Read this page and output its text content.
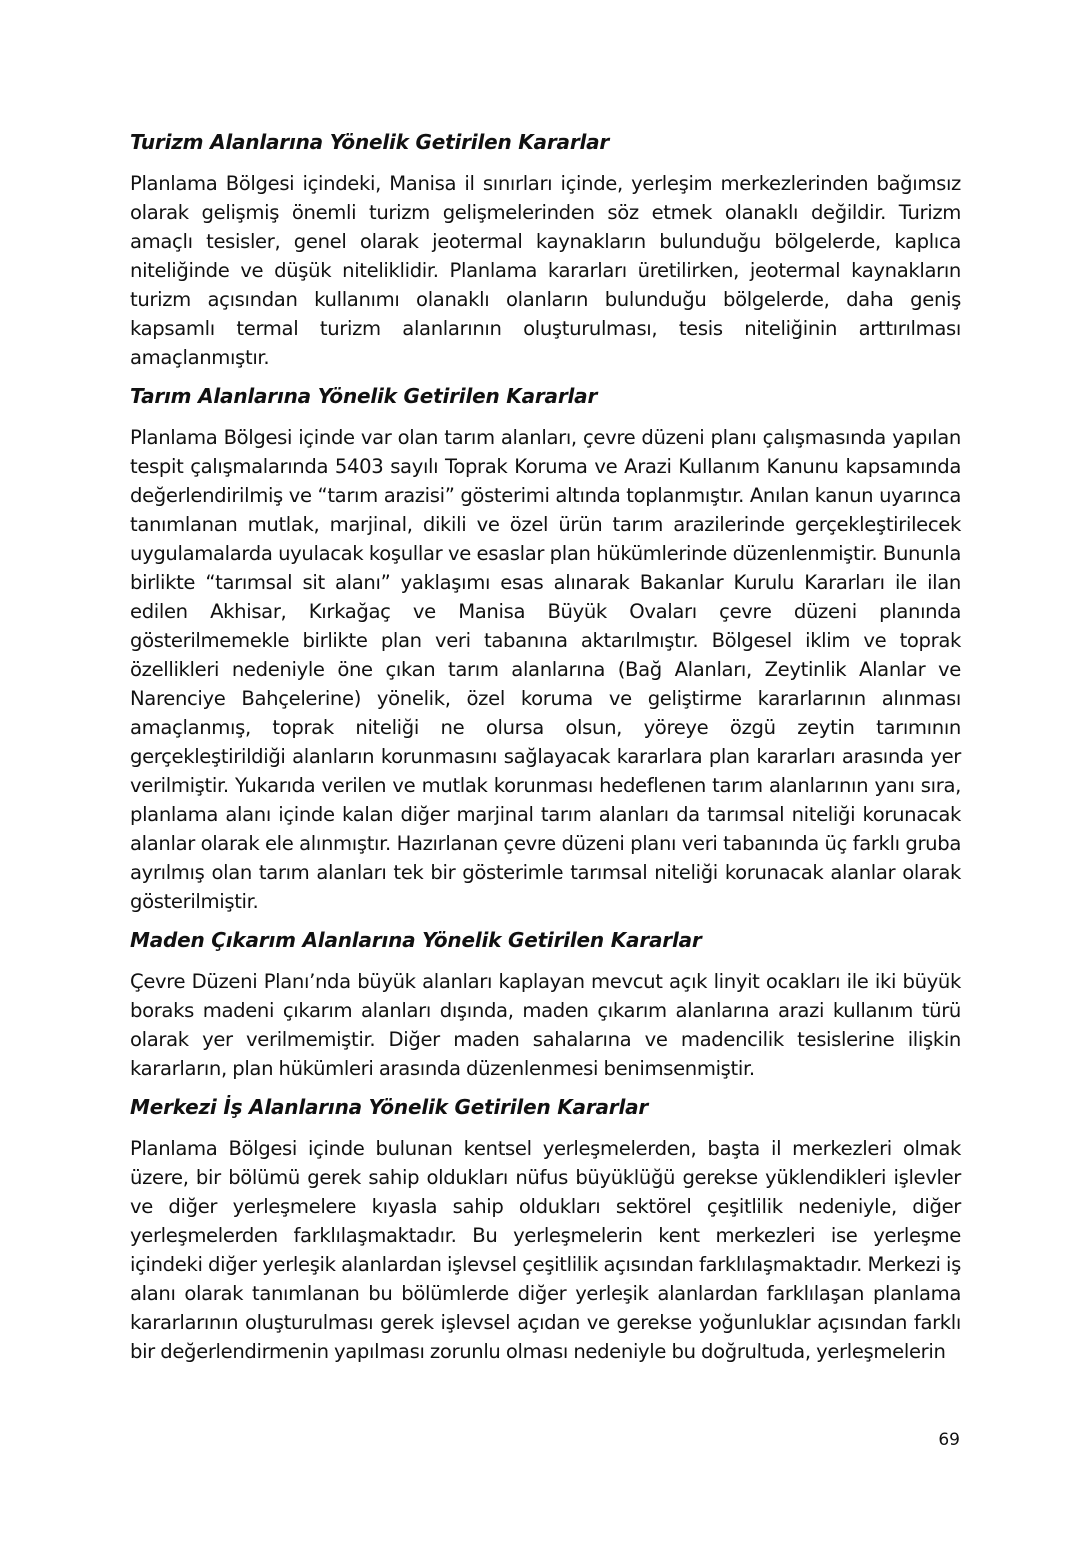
Turizm Alanlarına Yönelik Getirilen Kararlar

Planlama Bölgesi içindeki, Manisa il sınırları içinde, yerleşim merkezlerinden bağımsız olarak gelişmiş önemli turizm gelişmelerinden söz etmek olanaklı değildir. Turizm amaçlı tesisler, genel olarak jeotermal kaynakların bulunduğu bölgelerde, kaplıca niteliğinde ve düşük niteliklidir. Planlama kararları üretilirken, jeotermal kaynakların turizm açısından kullanımı olanaklı olanların bulunduğu bölgelerde, daha geniş kapsamlı termal turizm alanlarının oluşturulması, tesis niteliğinin arttırılması amaçlanmıştır.

Tarım Alanlarına Yönelik Getirilen Kararlar

Planlama Bölgesi içinde var olan tarım alanları, çevre düzeni planı çalışmasında yapılan tespit çalışmalarında 5403 sayılı Toprak Koruma ve Arazi Kullanım Kanunu kapsamında değerlendirilmiş ve “tarım arazisi” gösterimi altında toplanmıştır. Anılan kanun uyarınca tanımlanan mutlak, marjinal, dikili ve özel ürün tarım arazilerinde gerçekleştirilecek uygulamalarda uyulacak koşullar ve esaslar plan hükümlerinde düzenlenmiştir. Bununla birlikte “tarımsal sit alanı” yaklaşımı esas alınarak Bakanlar Kurulu Kararları ile ilan edilen Akhisar, Kırkağaç ve Manisa Büyük Ovaları çevre düzeni planında gösterilmemekle birlikte plan veri tabanına aktarılmıştır. Bölgesel iklim ve toprak özellikleri nedeniyle öne çıkan tarım alanlarına (Bağ Alanları, Zeytinlik Alanlar ve Narenciye Bahçelerine) yönelik, özel koruma ve geliştirme kararlarının alınması amaçlanmış, toprak niteliği ne olursa olsun, yöreye özgü zeytin tarımının gerçekleştirildiği alanların korunmasını sağlayacak kararlara plan kararları arasında yer verilmiştir. Yukarıda verilen ve mutlak korunması hedeflenen tarım alanlarının yanı sıra, planlama alanı içinde kalan diğer marjinal tarım alanları da tarımsal niteliği korunacak alanlar olarak ele alınmıştır. Hazırlanan çevre düzeni planı veri tabanında üç farklı gruba ayrılmış olan tarım alanları tek bir gösterimle tarımsal niteliği korunacak alanlar olarak gösterilmiştir.

Maden Çıkarım Alanlarına Yönelik Getirilen Kararlar

Çevre Düzeni Planı’nda büyük alanları kaplayan mevcut açık linyit ocakları ile iki büyük boraks madeni çıkarım alanları dışında, maden çıkarım alanlarına arazi kullanım türü olarak yer verilmemiştir. Diğer maden sahalarına ve madencilik tesislerine ilişkin kararların, plan hükümleri arasında düzenlenmesi benimsenmiştir.

Merkezi İş Alanlarına Yönelik Getirilen Kararlar

Planlama Bölgesi içinde bulunan kentsel yerleşmelerden, başta il merkezleri olmak üzere, bir bölümü gerek sahip oldukları nüfus büyüklüğü gerekse yüklendikleri işlevler ve diğer yerleşmelere kıyasla sahip oldukları sektörel çeşitlilik nedeniyle, diğer yerleşmelerden farklılaşmaktadır. Bu yerleşmelerin kent merkezleri ise yerleşme içindeki diğer yerleşik alanlardan işlevsel çeşitlilik açısından farklılaşmaktadır. Merkezi iş alanı olarak tanımlanan bu bölümlerde diğer yerleşik alanlardan farklılaşan planlama kararlarının oluşturulması gerek işlevsel açıdan ve gerekse yoğunluklar açısından farklı bir değerlendirmenin yapılması zorunlu olması nedeniyle bu doğrultuda, yerleşmelerin

69
